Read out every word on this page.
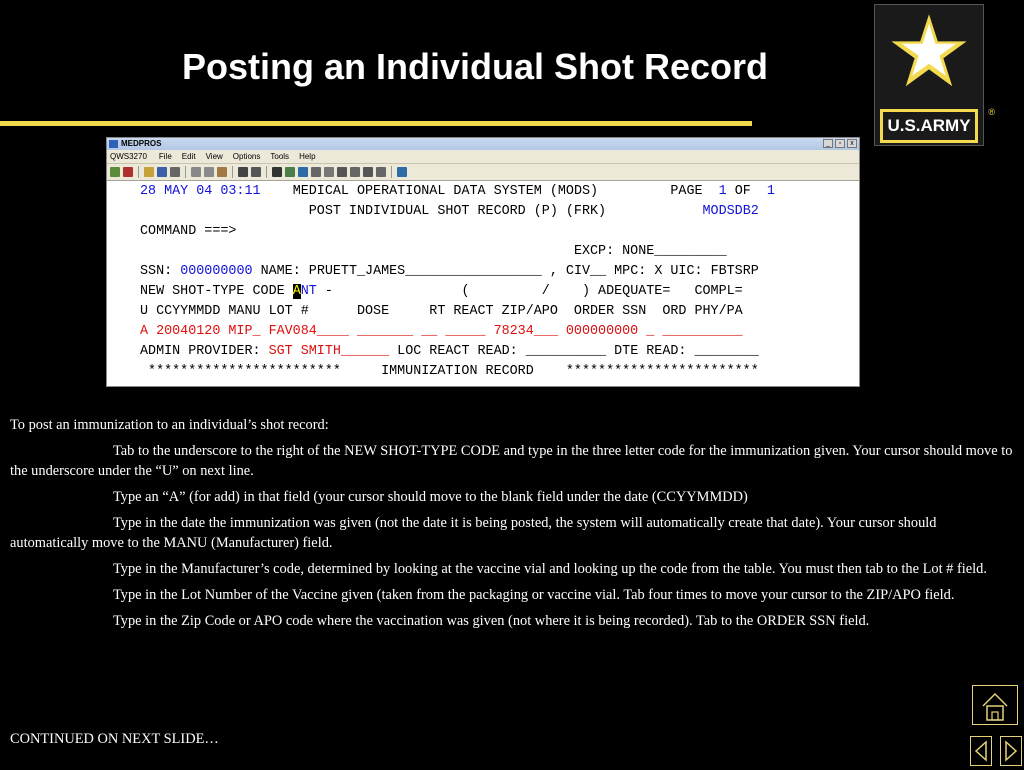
Posting an Individual Shot Record
U.S.ARMY
®
MEDPROS	_	▫	x
QWS3270 File Edit View Options Tools Help
28 MAY 04 03:11 MEDICAL OPERATIONAL DATA SYSTEM (MODS)	PAGE 1 OF 1
POST INDIVIDUAL SHOT RECORD (P) (FRK)	MODSDB2
COMMAND ===>
EXCP: NONE_________
SSN: 000000000 NAME: PRUETT_JAMES_________________ , CIV__ MPC: X UIC: FBTSRP
NEW SHOT-TYPE CODE ANT -                (         /    ) ADEQUATE=   COMPL=
U CCYYMMDD MANU LOT #      DOSE     RT REACT ZIP/APO  ORDER SSN  ORD PHY/PA
A 20040120 MIP_ FAV084____ _______ __ _____ 78234___ 000000000 _ __________
ADMIN PROVIDER: SGT SMITH______ LOC REACT READ: __________ DTE READ: ________
************************     IMMUNIZATION RECORD    ************************

To post an immunization to an individual’s shot record:

Tab to the underscore to the right of the NEW SHOT-TYPE CODE and type in the three letter code for the immunization given. Your cursor should move to the underscore under the “U” on next line.

Type an “A” (for add) in that field (your cursor should move to the blank field under the date (CCYYMMDD)

Type in the date the immunization was given (not the date it is being posted, the system will automatically create that date). Your cursor should automatically move to the MANU (Manufacturer) field.

Type in the Manufacturer’s code, determined by looking at the vaccine vial and looking up the code from the table. You must then tab to the Lot # field.

Type in the Lot Number of the Vaccine given (taken from the packaging or vaccine vial. Tab four times to move your cursor to the ZIP/APO field.

Type in the Zip Code or APO code where the vaccination was given (not where it is being recorded). Tab to the ORDER SSN field.

CONTINUED ON NEXT SLIDE…
